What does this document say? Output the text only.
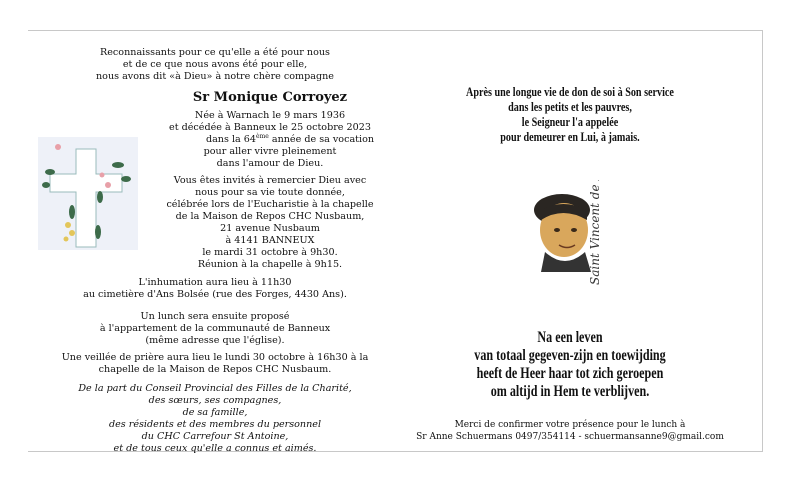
Reconnaissants pour ce qu'elle a été pour nous
et de ce que nous avons été pour elle,
nous avons dit «à Dieu» à notre chère compagne
Sr Monique Corroyez
Née à Warnach le 9 mars 1936
et décédée à Banneux le 25 octobre 2023
dans la 64ème année de sa vocation
pour aller vivre pleinement
dans l'amour de Dieu.
Vous êtes invités à remercier Dieu avec
nous pour sa vie toute donnée,
célébrée lors de l'Eucharistie à la chapelle
de la Maison de Repos CHC Nusbaum,
21 avenue Nusbaum
à 4141 BANNEUX
le mardi 31 octobre à 9h30.
Réunion à la chapelle à 9h15.
L'inhumation aura lieu à 11h30
au cimetière d'Ans Bolsée (rue des Forges, 4430 Ans).
Un lunch sera ensuite proposé
à l'appartement de la communauté de Banneux
(même adresse que l'église).
Une veillée de prière aura lieu le lundi 30 octobre à 16h30 à la
chapelle de la Maison de Repos CHC Nusbaum.
De la part du Conseil Provincial des Filles de la Charité,
des sœurs, ses compagnes,
de sa famille,
des résidents et des membres du personnel
du CHC Carrefour St Antoine,
et de tous ceux qu'elle a connus et aimés.
Après une longue vie de don de soi à Son service
dans les petits et les pauvres,
le Seigneur l'a appelée
pour demeurer en Lui, à jamais.
Saint Vincent de Paul
Na een leven
van totaal gegeven-zijn en toewijding
heeft de Heer haar tot zich geroepen
om altijd in Hem te verblijven.
Merci de confirmer votre présence pour le lunch à
Sr Anne Schuermans 0497/354114 - schuermansanne9@gmail.com
